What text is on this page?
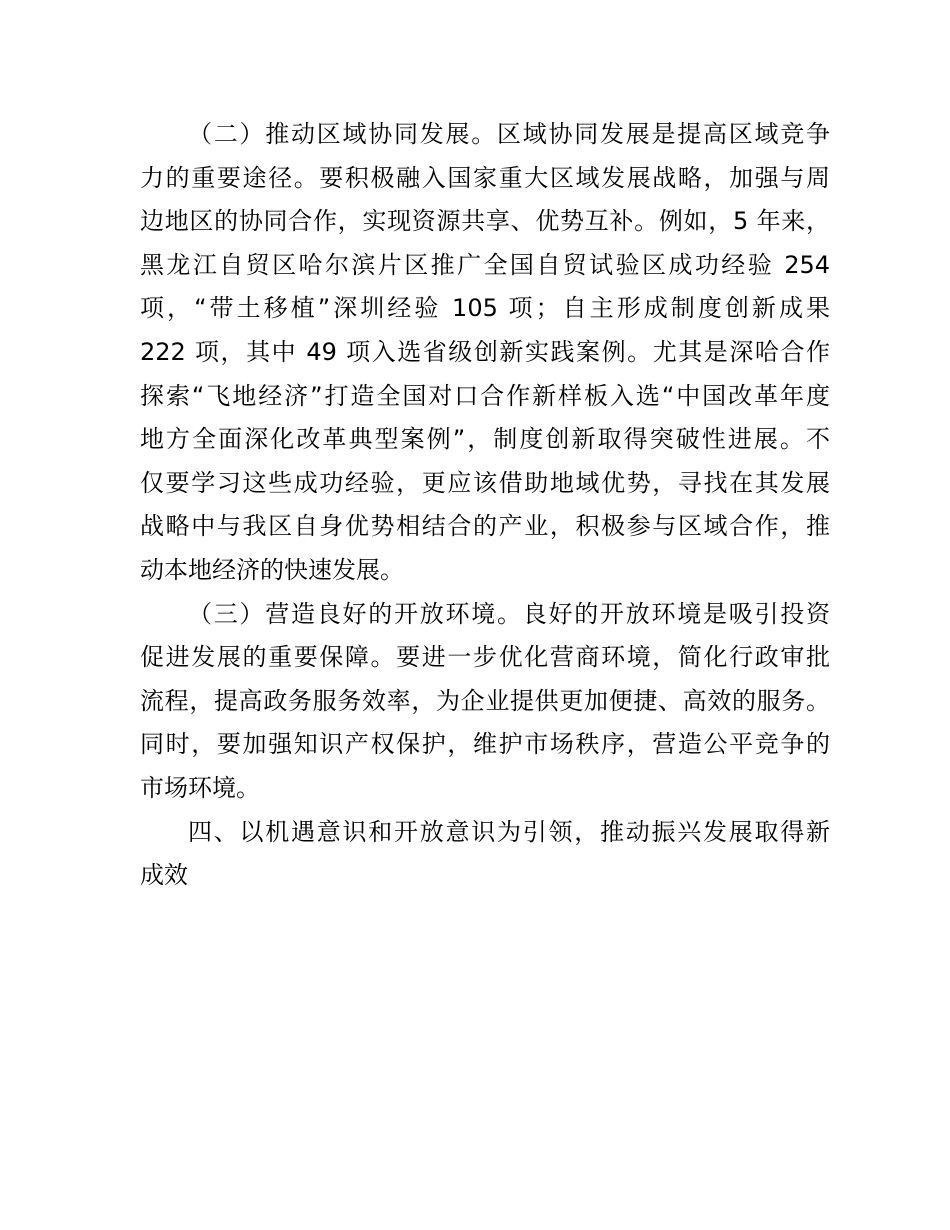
（二）推动区域协同发展。区域协同发展是提高区域竞争
力的重要途径。要积极融入国家重大区域发展战略，加强与周
边地区的协同合作，实现资源共享、优势互补。例如，5 年来，
黑龙江自贸区哈尔滨片区推广全国自贸试验区成功经验 254
项，“带土移植”深圳经验 105 项；自主形成制度创新成果
222 项，其中 49 项入选省级创新实践案例。尤其是深哈合作
探索“飞地经济”打造全国对口合作新样板入选“中国改革年度
地方全面深化改革典型案例”，制度创新取得突破性进展。不
仅要学习这些成功经验，更应该借助地域优势，寻找在其发展
战略中与我区自身优势相结合的产业，积极参与区域合作，推
动本地经济的快速发展。
（三）营造良好的开放环境。良好的开放环境是吸引投资
促进发展的重要保障。要进一步优化营商环境，简化行政审批
流程，提高政务服务效率，为企业提供更加便捷、高效的服务。
同时，要加强知识产权保护，维护市场秩序，营造公平竞争的
市场环境。
四、以机遇意识和开放意识为引领，推动振兴发展取得新
成效
